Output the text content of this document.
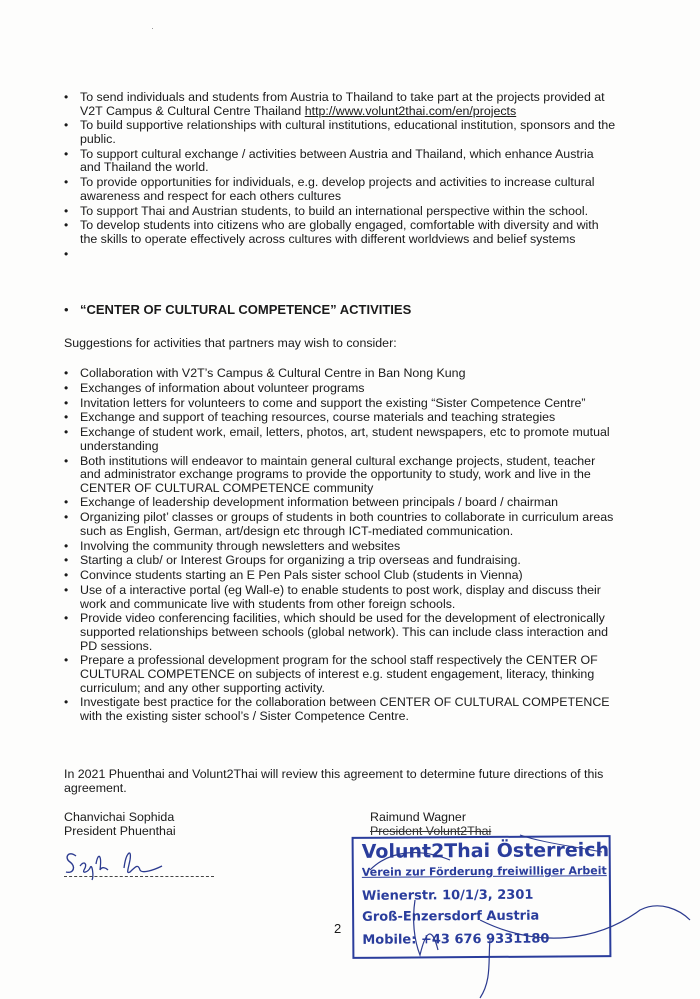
• To send individuals and students from Austria to Thailand to take part at the projects provided at V2T Campus & Cultural Centre Thailand http://www.volunt2thai.com/en/projects
• To build supportive relationships with cultural institutions, educational institution, sponsors and the public.
• To support cultural exchange / activities between Austria and Thailand, which enhance Austria and Thailand the world.
• To provide opportunities for individuals, e.g. develop projects and activities to increase cultural awareness and respect for each others cultures
• To support Thai and Austrian students, to build an international perspective within the school.
• To develop students into citizens who are globally engaged, comfortable with diversity and with the skills to operate effectively across cultures with different worldviews and belief systems
•
• “CENTER OF CULTURAL COMPETENCE” ACTIVITIES
Suggestions for activities that partners may wish to consider:
• Collaboration with V2T’s Campus & Cultural Centre in Ban Nong Kung
• Exchanges of information about volunteer programs
• Invitation letters for volunteers to come and support the existing “Sister Competence Centre”
• Exchange and support of teaching resources, course materials and teaching strategies
• Exchange of student work, email, letters, photos, art, student newspapers, etc to promote mutual understanding
• Both institutions will endeavor to maintain general cultural exchange projects, student, teacher and administrator exchange programs to provide the opportunity to study, work and live in the CENTER OF CULTURAL COMPETENCE community
• Exchange of leadership development information between principals / board / chairman
• Organizing pilot’ classes or groups of students in both countries to collaborate in curriculum areas such as English, German, art/design etc through ICT-mediated communication.
• Involving the community through newsletters and websites
• Starting a club/ or Interest Groups for organizing a trip overseas and fundraising.
• Convince students starting an E Pen Pals sister school Club (students in Vienna)
• Use of a interactive portal (eg Wall-e) to enable students to post work, display and discuss their work and communicate live with students from other foreign schools.
• Provide video conferencing facilities, which should be used for the development of electronically supported relationships between schools (global network). This can include class interaction and PD sessions.
• Prepare a professional development program for the school staff respectively the CENTER OF CULTURAL COMPETENCE on subjects of interest e.g. student engagement, literacy, thinking curriculum; and any other supporting activity.
• Investigate best practice for the collaboration between CENTER OF CULTURAL COMPETENCE with the existing sister school’s / Sister Competence Centre.
In 2021 Phuenthai and Volunt2Thai will review this agreement to determine future directions of this agreement.
Chanvichai Sophida
President Phuenthai
Raimund Wagner
President Volunt2Thai
Volunt2Thai Österreich
Verein zur Förderung freiwilliger Arbeit
Wienerstr. 10/1/3, 2301
Groß-Enzersdorf Austria
Mobile: +43 676 9331180
2
